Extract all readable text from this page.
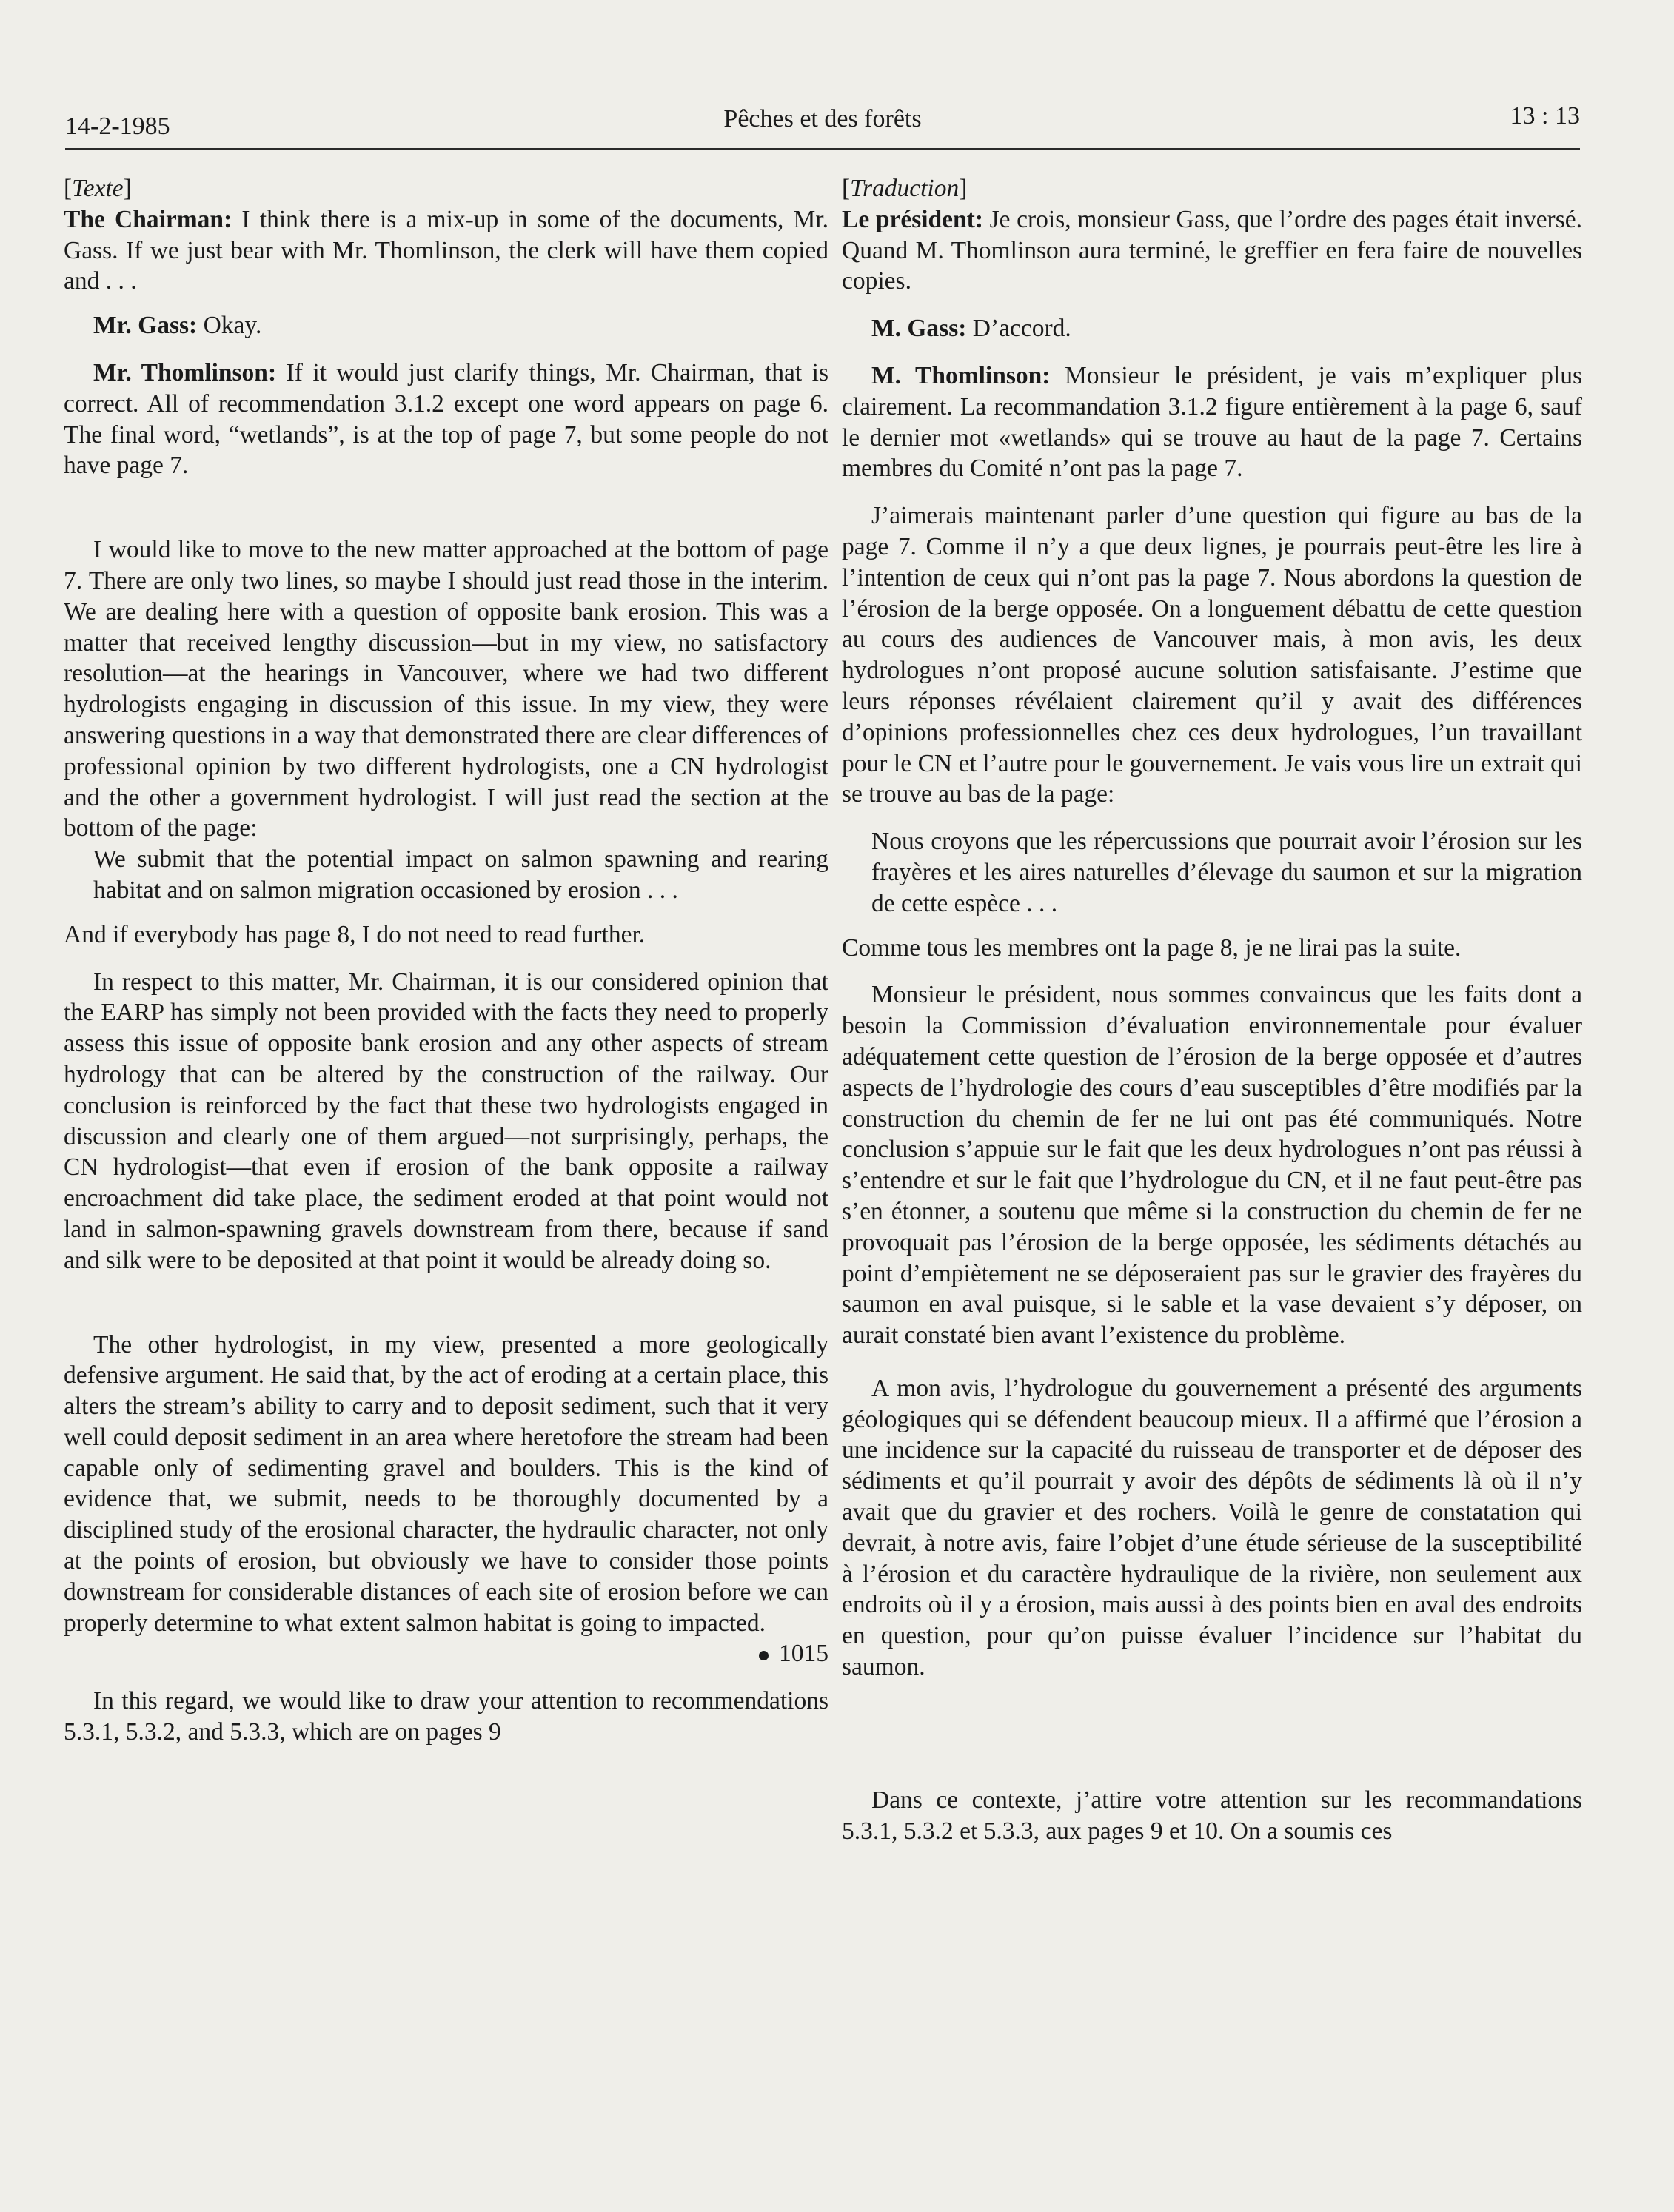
14-2-1985	Pêches et des forêts	13 : 13

[Texte]

The Chairman: I think there is a mix-up in some of the documents, Mr. Gass. If we just bear with Mr. Thomlinson, the clerk will have them copied and . . .

Mr. Gass: Okay.

Mr. Thomlinson: If it would just clarify things, Mr. Chairman, that is correct. All of recommendation 3.1.2 except one word appears on page 6. The final word, “wetlands”, is at the top of page 7, but some people do not have page 7.

I would like to move to the new matter approached at the bottom of page 7. There are only two lines, so maybe I should just read those in the interim. We are dealing here with a question of opposite bank erosion. This was a matter that received lengthy discussion—but in my view, no satisfactory resolution—at the hearings in Vancouver, where we had two different hydrologists engaging in discussion of this issue. In my view, they were answering questions in a way that demonstrated there are clear differences of professional opinion by two different hydrologists, one a CN hydrologist and the other a government hydrologist. I will just read the section at the bottom of the page:

We submit that the potential impact on salmon spawning and rearing habitat and on salmon migration occasioned by erosion . . .

And if everybody has page 8, I do not need to read further.

In respect to this matter, Mr. Chairman, it is our considered opinion that the EARP has simply not been provided with the facts they need to properly assess this issue of opposite bank erosion and any other aspects of stream hydrology that can be altered by the construction of the railway. Our conclusion is reinforced by the fact that these two hydrologists engaged in discussion and clearly one of them argued—not surprisingly, perhaps, the CN hydrologist—that even if erosion of the bank opposite a railway encroachment did take place, the sediment eroded at that point would not land in salmon-spawning gravels downstream from there, because if sand and silk were to be deposited at that point it would be already doing so.

The other hydrologist, in my view, presented a more geologically defensive argument. He said that, by the act of eroding at a certain place, this alters the stream’s ability to carry and to deposit sediment, such that it very well could deposit sediment in an area where heretofore the stream had been capable only of sedimenting gravel and boulders. This is the kind of evidence that, we submit, needs to be thoroughly documented by a disciplined study of the erosional character, the hydraulic character, not only at the points of erosion, but obviously we have to consider those points downstream for considerable distances of each site of erosion before we can properly determine to what extent salmon habitat is going to impacted.

1015

In this regard, we would like to draw your attention to recommendations 5.3.1, 5.3.2, and 5.3.3, which are on pages 9

[Traduction]

Le président: Je crois, monsieur Gass, que l’ordre des pages était inversé. Quand M. Thomlinson aura terminé, le greffier en fera faire de nouvelles copies.

M. Gass: D’accord.

M. Thomlinson: Monsieur le président, je vais m’expliquer plus clairement. La recommandation 3.1.2 figure entièrement à la page 6, sauf le dernier mot «wetlands» qui se trouve au haut de la page 7. Certains membres du Comité n’ont pas la page 7.

J’aimerais maintenant parler d’une question qui figure au bas de la page 7. Comme il n’y a que deux lignes, je pourrais peut-être les lire à l’intention de ceux qui n’ont pas la page 7. Nous abordons la question de l’érosion de la berge opposée. On a longuement débattu de cette question au cours des audiences de Vancouver mais, à mon avis, les deux hydrologues n’ont proposé aucune solution satisfaisante. J’estime que leurs réponses révélaient clairement qu’il y avait des différences d’opinions professionnelles chez ces deux hydrologues, l’un travaillant pour le CN et l’autre pour le gouvernement. Je vais vous lire un extrait qui se trouve au bas de la page:

Nous croyons que les répercussions que pourrait avoir l’érosion sur les frayères et les aires naturelles d’élevage du saumon et sur la migration de cette espèce . . .

Comme tous les membres ont la page 8, je ne lirai pas la suite.

Monsieur le président, nous sommes convaincus que les faits dont a besoin la Commission d’évaluation environnementale pour évaluer adéquatement cette question de l’érosion de la berge opposée et d’autres aspects de l’hydrologie des cours d’eau susceptibles d’être modifiés par la construction du chemin de fer ne lui ont pas été communiqués. Notre conclusion s’appuie sur le fait que les deux hydrologues n’ont pas réussi à s’entendre et sur le fait que l’hydrologue du CN, et il ne faut peut-être pas s’en étonner, a soutenu que même si la construction du chemin de fer ne provoquait pas l’érosion de la berge opposée, les sédiments détachés au point d’empiètement ne se déposeraient pas sur le gravier des frayères du saumon en aval puisque, si le sable et la vase devaient s’y déposer, on aurait constaté bien avant l’existence du problème.

A mon avis, l’hydrologue du gouvernement a présenté des arguments géologiques qui se défendent beaucoup mieux. Il a affirmé que l’érosion a une incidence sur la capacité du ruisseau de transporter et de déposer des sédiments et qu’il pourrait y avoir des dépôts de sédiments là où il n’y avait que du gravier et des rochers. Voilà le genre de constatation qui devrait, à notre avis, faire l’objet d’une étude sérieuse de la susceptibilité à l’érosion et du caractère hydraulique de la rivière, non seulement aux endroits où il y a érosion, mais aussi à des points bien en aval des endroits en question, pour qu’on puisse évaluer l’incidence sur l’habitat du saumon.

Dans ce contexte, j’attire votre attention sur les recommandations 5.3.1, 5.3.2 et 5.3.3, aux pages 9 et 10. On a soumis ces
